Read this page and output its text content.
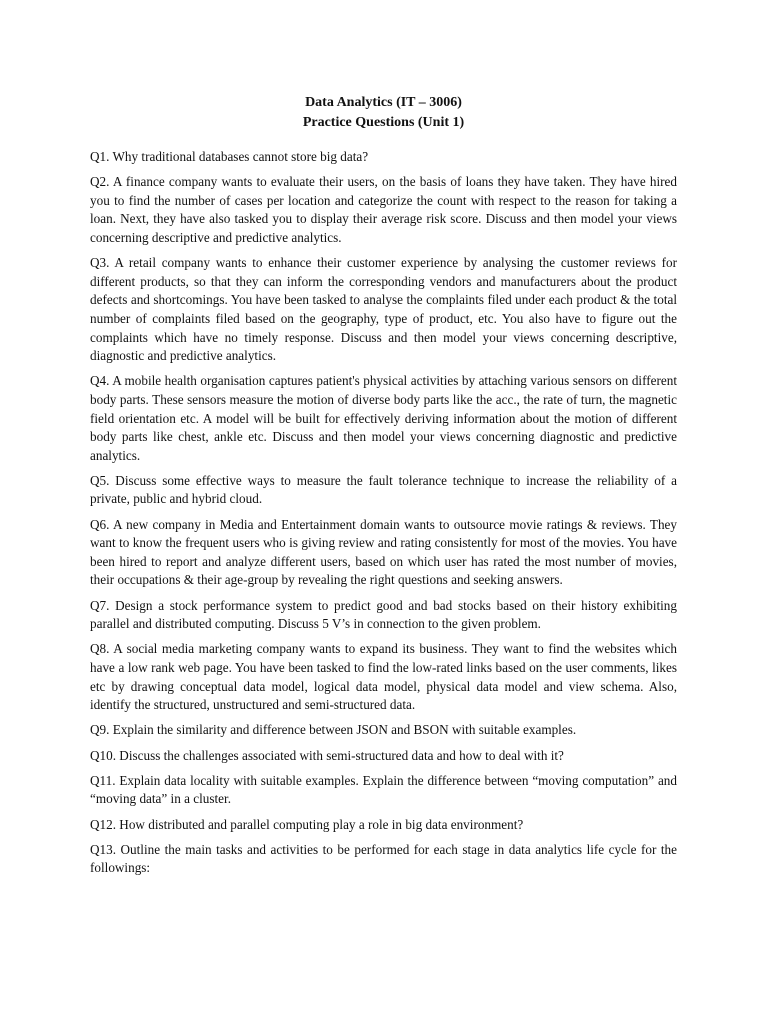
Data Analytics (IT – 3006)

Practice Questions (Unit 1)

Q1. Why traditional databases cannot store big data?

Q2. A finance company wants to evaluate their users, on the basis of loans they have taken. They have hired you to find the number of cases per location and categorize the count with respect to the reason for taking a loan. Next, they have also tasked you to display their average risk score. Discuss and then model your views concerning descriptive and predictive analytics.

Q3. A retail company wants to enhance their customer experience by analysing the customer reviews for different products, so that they can inform the corresponding vendors and manufacturers about the product defects and shortcomings. You have been tasked to analyse the complaints filed under each product & the total number of complaints filed based on the geography, type of product, etc. You also have to figure out the complaints which have no timely response. Discuss and then model your views concerning descriptive, diagnostic and predictive analytics.

Q4. A mobile health organisation captures patient's physical activities by attaching various sensors on different body parts. These sensors measure the motion of diverse body parts like the acc., the rate of turn, the magnetic field orientation etc. A model will be built for effectively deriving information about the motion of different body parts like chest, ankle etc. Discuss and then model your views concerning diagnostic and predictive analytics.

Q5. Discuss some effective ways to measure the fault tolerance technique to increase the reliability of a private, public and hybrid cloud.

Q6. A new company in Media and Entertainment domain wants to outsource movie ratings & reviews. They want to know the frequent users who is giving review and rating consistently for most of the movies. You have been hired to report and analyze different users, based on which user has rated the most number of movies, their occupations & their age-group by revealing the right questions and seeking answers.

Q7. Design a stock performance system to predict good and bad stocks based on their history exhibiting parallel and distributed computing. Discuss 5 V’s in connection to the given problem.

Q8. A social media marketing company wants to expand its business. They want to find the websites which have a low rank web page. You have been tasked to find the low-rated links based on the user comments, likes etc by drawing conceptual data model, logical data model, physical data model and view schema. Also, identify the structured, unstructured and semi-structured data.

Q9. Explain the similarity and difference between JSON and BSON with suitable examples.

Q10. Discuss the challenges associated with semi-structured data and how to deal with it?

Q11. Explain data locality with suitable examples. Explain the difference between “moving computation” and “moving data” in a cluster.

Q12. How distributed and parallel computing play a role in big data environment?

Q13. Outline the main tasks and activities to be performed for each stage in data analytics life cycle for the followings:
